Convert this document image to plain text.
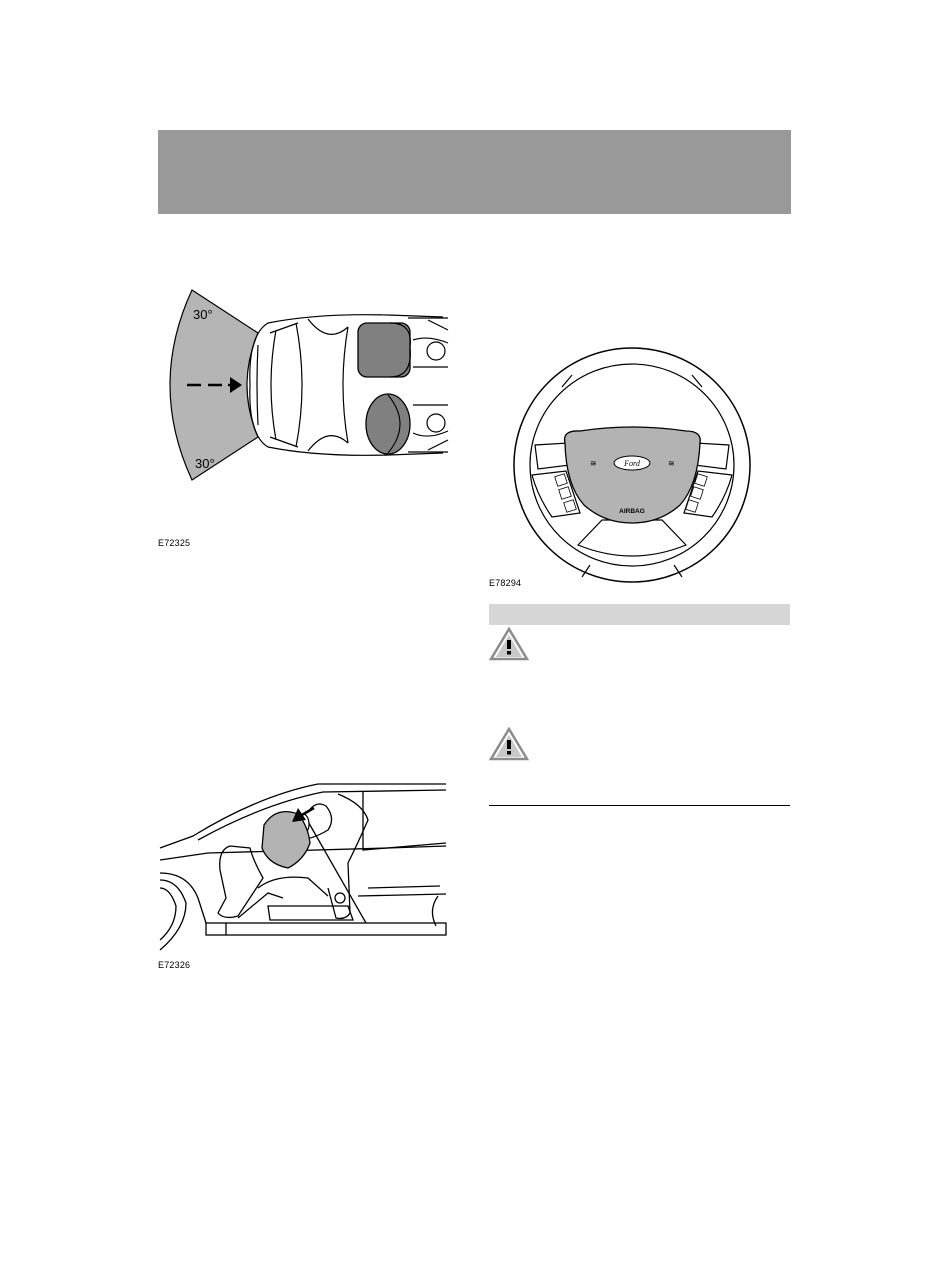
30°
30°
E72325
Ford
≋	≋
AIRBAG
E78294
E72326
